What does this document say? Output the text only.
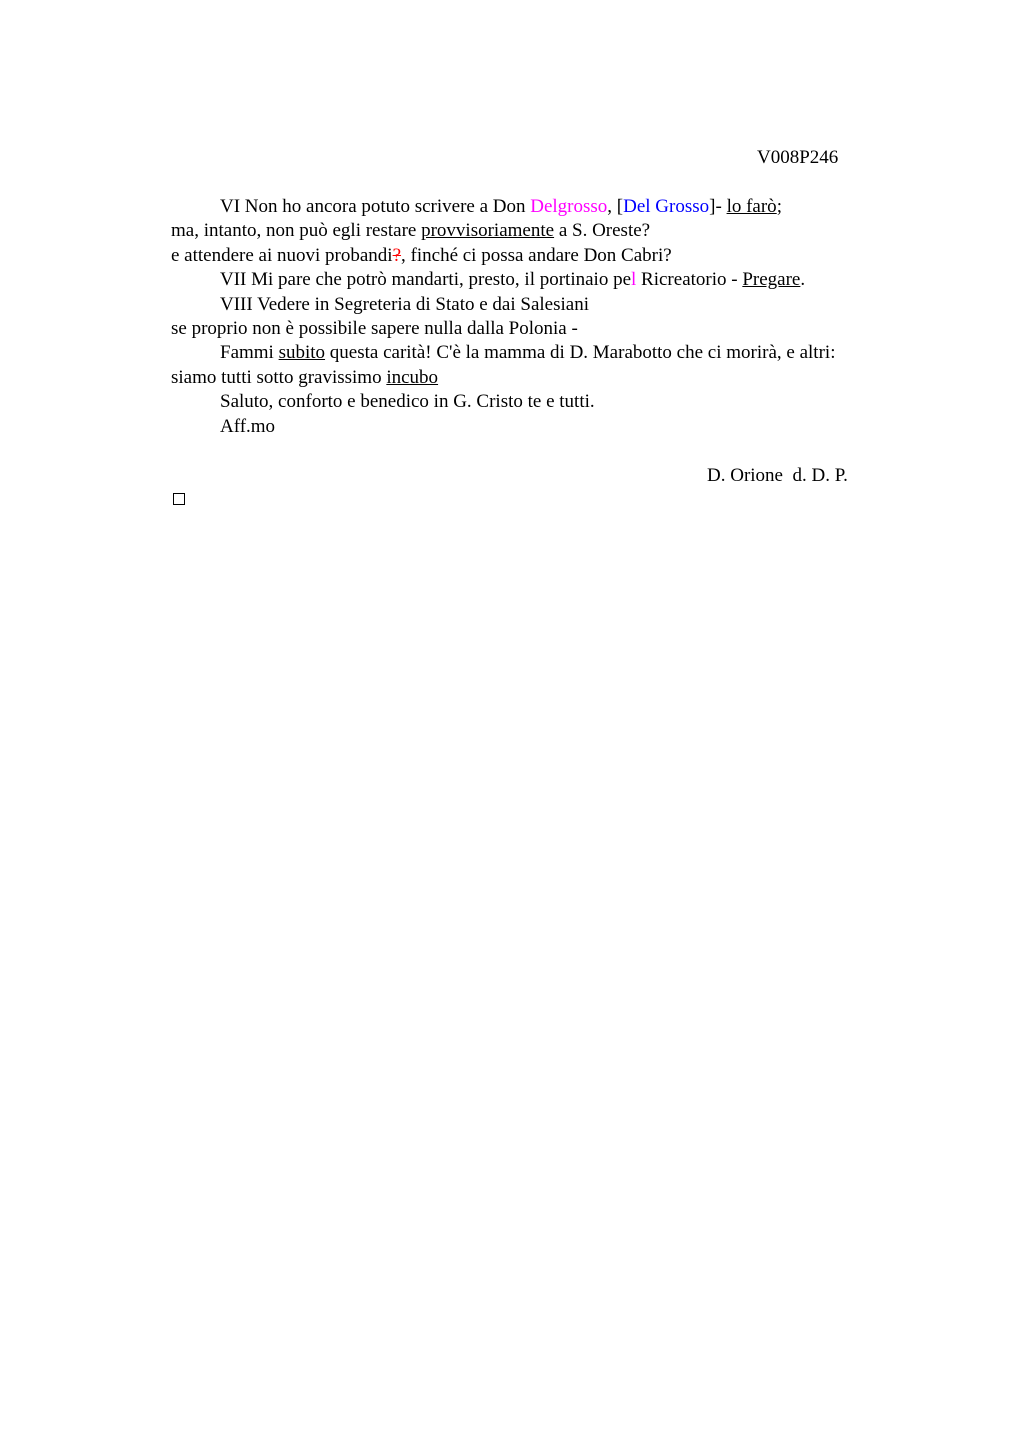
V008P246
VI Non ho ancora potuto scrivere a Don Delgrosso, [Del Grosso]- lo farò;
ma, intanto, non può egli restare provvisoriamente a S. Oreste?
e attendere ai nuovi probandi?, finché ci possa andare Don Cabri?
VII Mi pare che potrò mandarti, presto, il portinaio pel Ricreatorio - Pregare.
VIII Vedere in Segreteria di Stato e dai Salesiani
se proprio non è possibile sapere nulla dalla Polonia -
Fammi subito questa carità! C'è la mamma di D. Marabotto che ci morirà, e altri:
siamo tutti sotto gravissimo incubo
Saluto, conforto e benedico in G. Cristo te e tutti.
Aff.mo
D. Orione  d. D. P.
